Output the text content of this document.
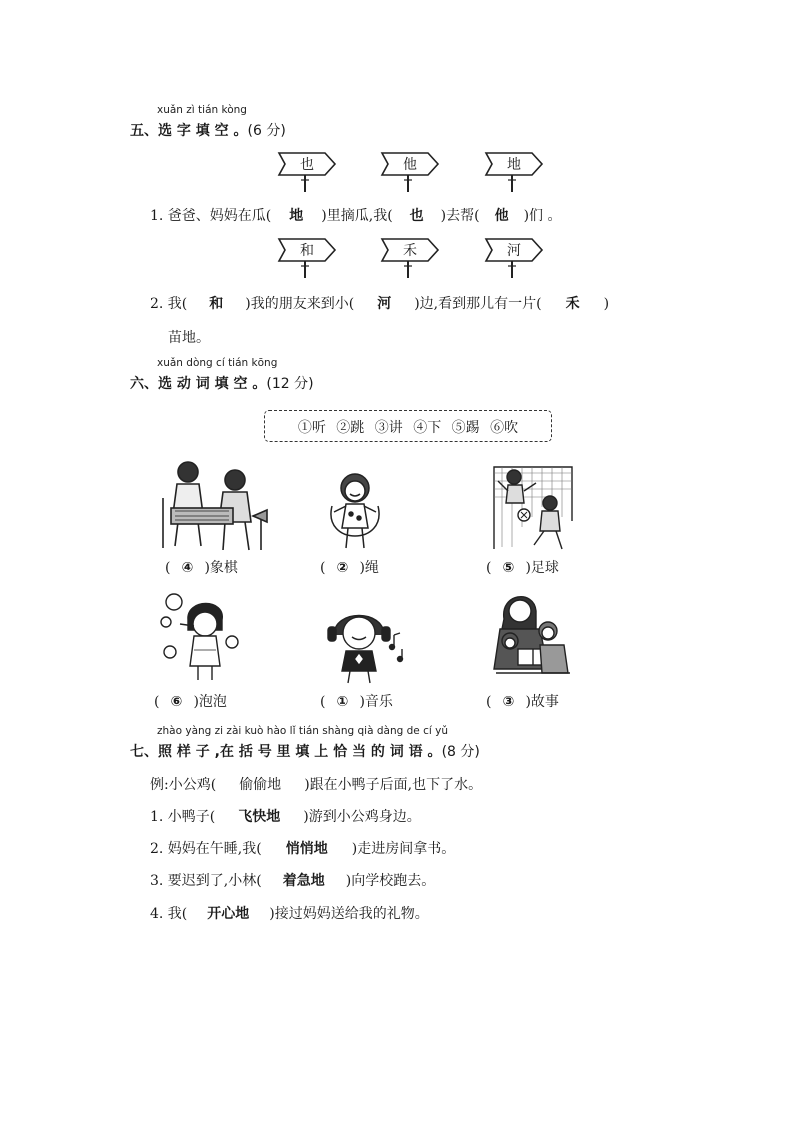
xuǎn zì tián kòng
五、选 字 填 空 。(6 分)
也	他	地
1. 爸爸、妈妈在瓜( 地 )里摘瓜,我( 也 )去帮( 他 )们 。
和	禾	河
2. 我( 和 )我的朋友来到小( 河 )边,看到那儿有一片( 禾 )
苗地。
xuǎn dòng cí tián kōng
六、选 动 词 填 空 。(12 分)
①听 ②跳 ③讲 ④下 ⑤踢 ⑥吹
( ④ )象棋	( ② )绳	( ⑤ )足球
( ⑥ )泡泡	( ① )音乐	( ③ )故事
zhào yàng zi zài kuò hào lǐ tián shàng qià dàng de cí yǔ
七、照 样 子 ,在 括 号 里 填 上 恰 当 的 词 语 。(8 分)
例:小公鸡( 偷偷地 )跟在小鸭子后面,也下了水。
1. 小鸭子( 飞快地 )游到小公鸡身边。
2. 妈妈在午睡,我( 悄悄地 )走进房间拿书。
3. 要迟到了,小林( 着急地 )向学校跑去。
4. 我( 开心地 )接过妈妈送给我的礼物。
